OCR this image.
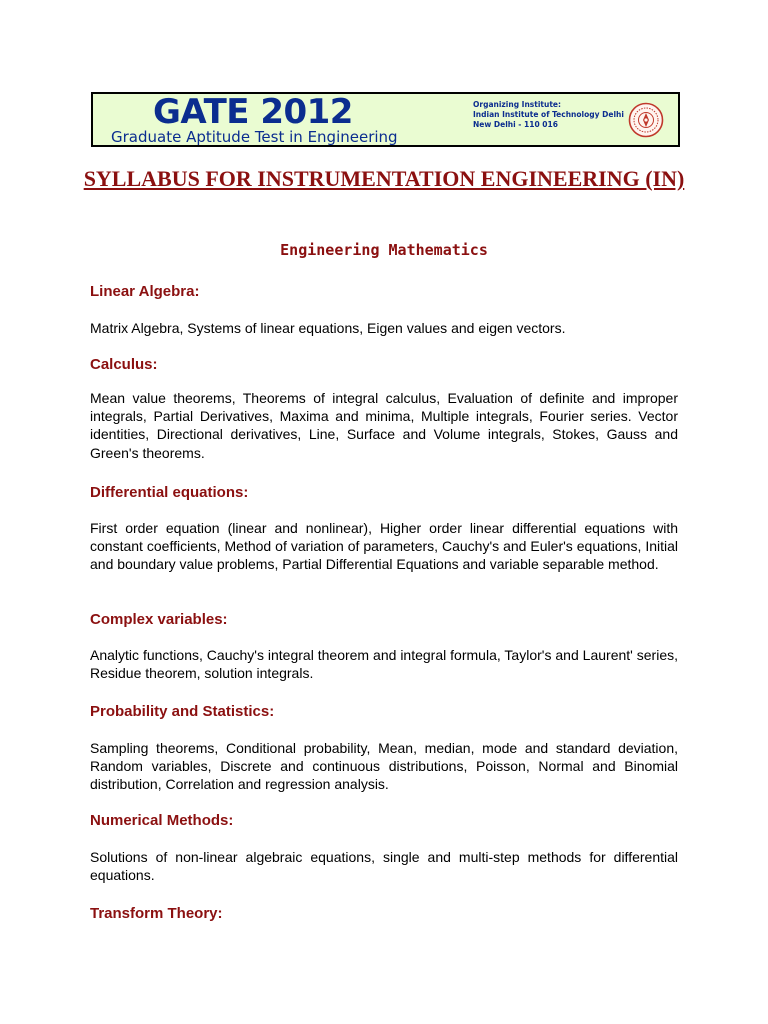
GATE 2012
Graduate Aptitude Test in Engineering
Organizing Institute:
Indian Institute of Technology Delhi
New Delhi - 110 016
SYLLABUS FOR INSTRUMENTATION ENGINEERING (IN)
Engineering Mathematics
Linear Algebra:

Matrix Algebra, Systems of linear equations, Eigen values and eigen vectors.

Calculus:

Mean value theorems, Theorems of integral calculus, Evaluation of definite and improper integrals, Partial Derivatives, Maxima and minima, Multiple integrals, Fourier series. Vector identities, Directional derivatives, Line, Surface and Volume integrals, Stokes, Gauss and Green's theorems.

Differential equations:

First order equation (linear and nonlinear), Higher order linear differential equations with constant coefficients, Method of variation of parameters, Cauchy's and Euler's equations, Initial and boundary value problems, Partial Differential Equations and variable separable method.

Complex variables:

Analytic functions, Cauchy's integral theorem and integral formula, Taylor's and Laurent' series, Residue theorem, solution integrals.

Probability and Statistics:

Sampling theorems, Conditional probability, Mean, median, mode and standard deviation, Random variables, Discrete and continuous distributions, Poisson, Normal and Binomial distribution, Correlation and regression analysis.

Numerical Methods:

Solutions of non-linear algebraic equations, single and multi-step methods for differential equations.

Transform Theory:
